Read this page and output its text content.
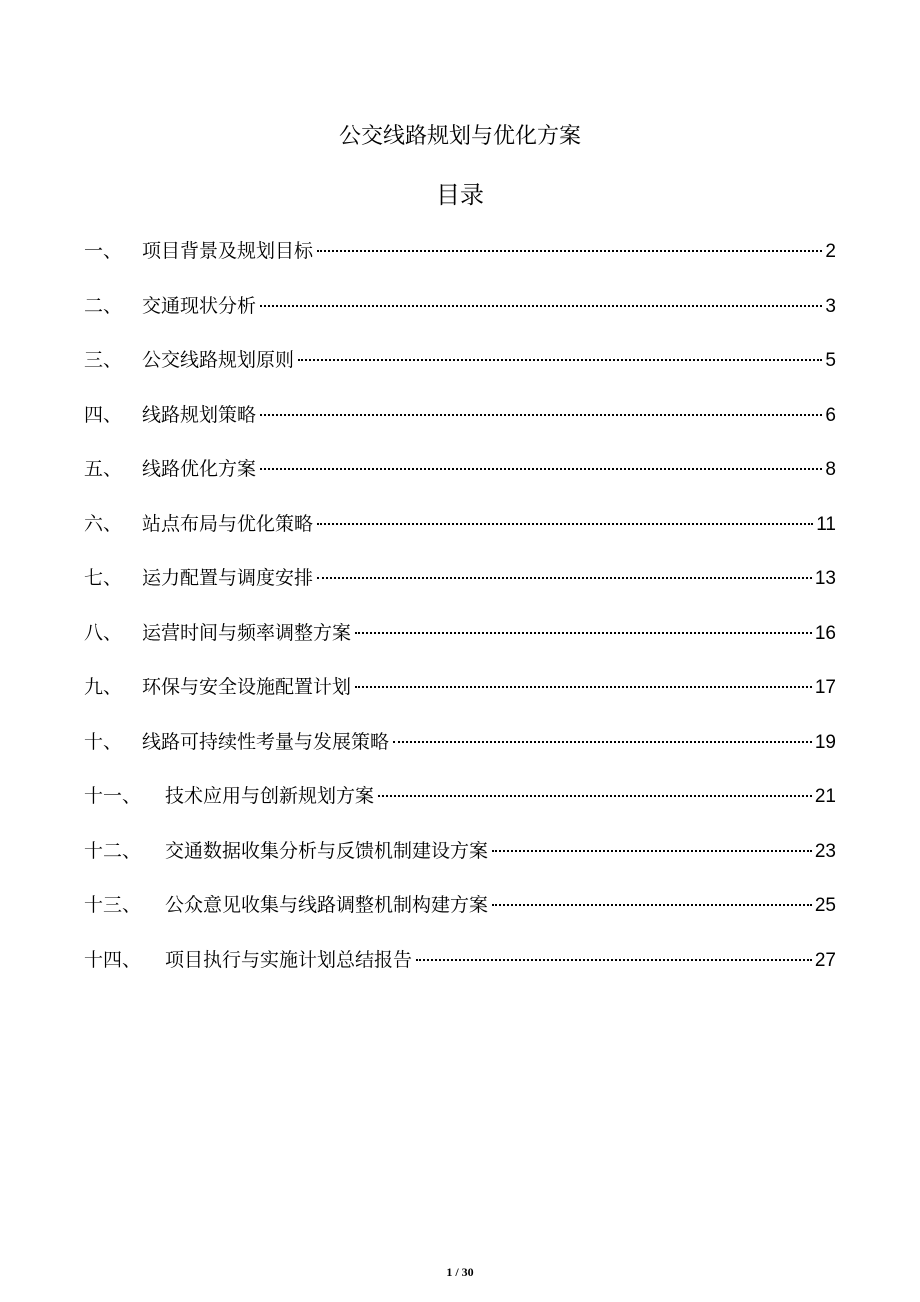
公交线路规划与优化方案
目录
一、	项目背景及规划目标	2
二、	交通现状分析	3
三、	公交线路规划原则	5
四、	线路规划策略	6
五、	线路优化方案	8
六、	站点布局与优化策略	11
七、	运力配置与调度安排	13
八、	运营时间与频率调整方案	16
九、	环保与安全设施配置计划	17
十、	线路可持续性考量与发展策略	19
十一、	技术应用与创新规划方案	21
十二、	交通数据收集分析与反馈机制建设方案	23
十三、	公众意见收集与线路调整机制构建方案	25
十四、	项目执行与实施计划总结报告	27
1 / 30
